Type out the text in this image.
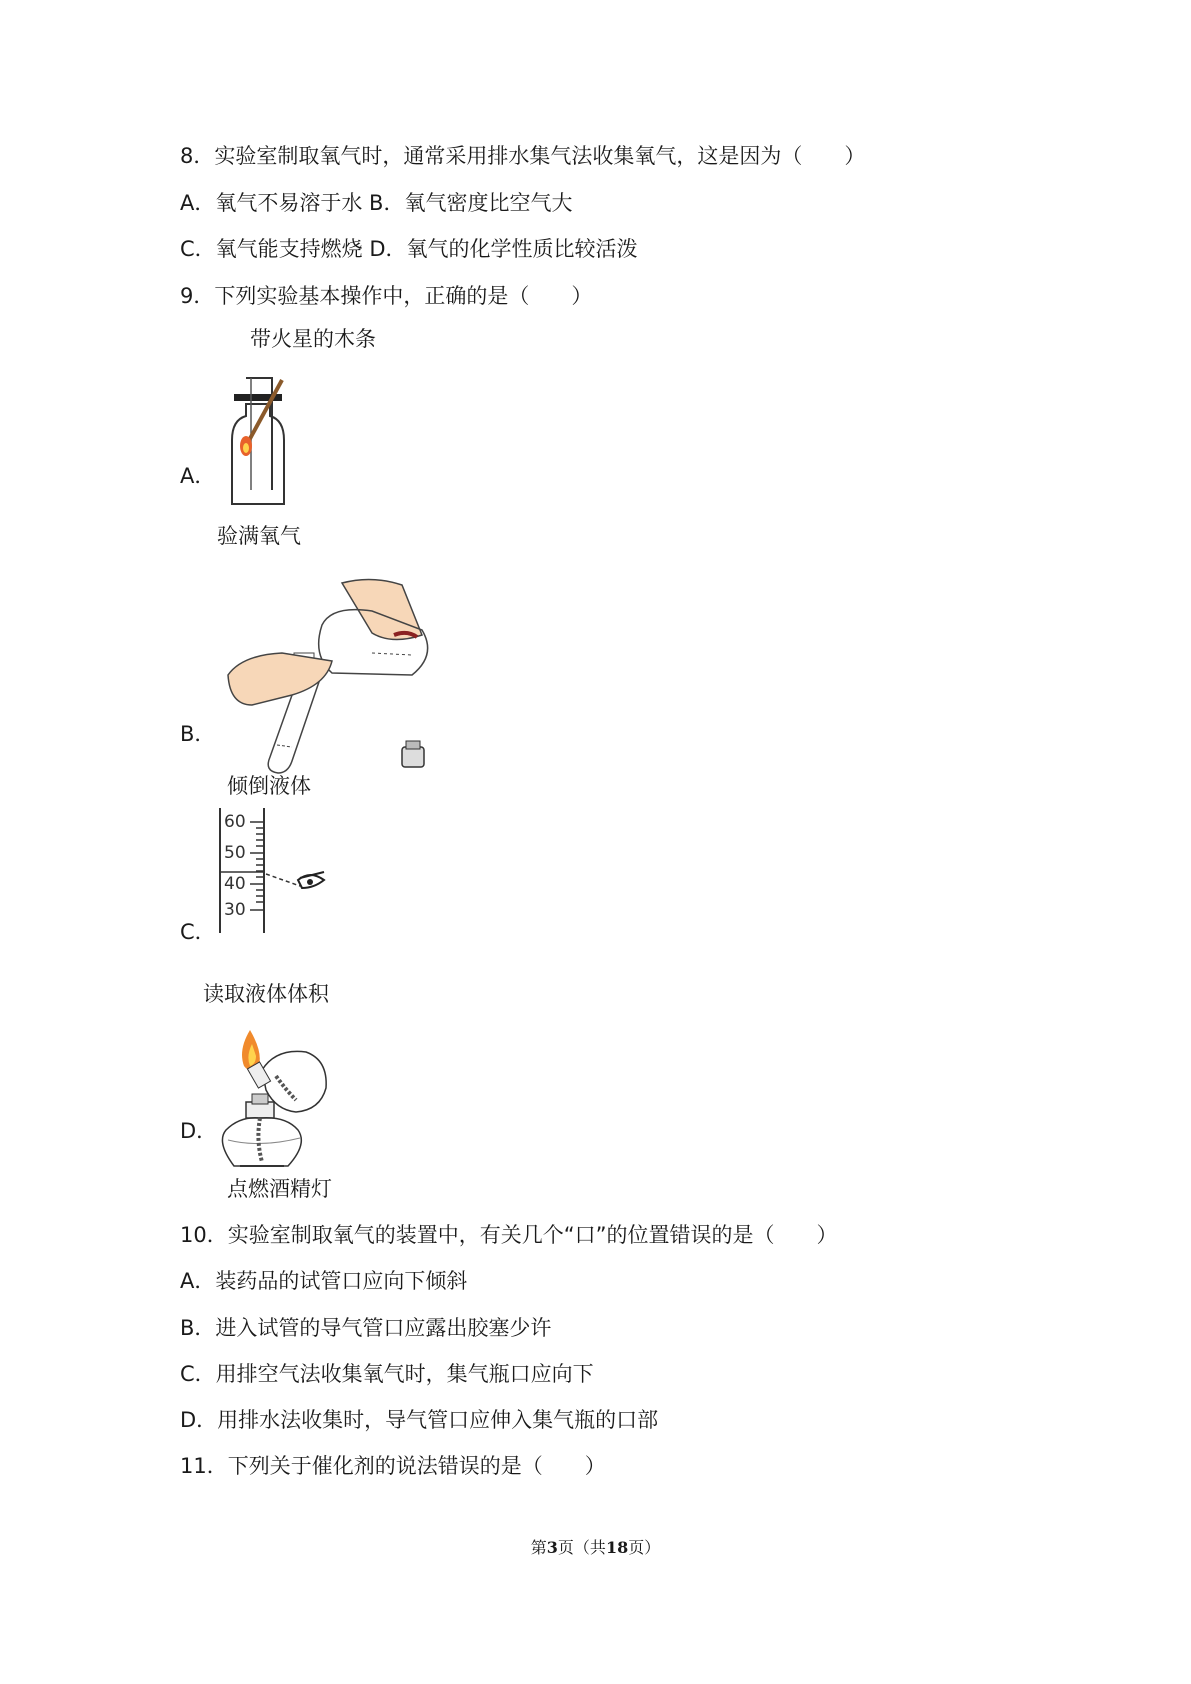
8．实验室制取氧气时，通常采用排水集气法收集氧气，这是因为（　　）
A．氧气不易溶于水 B．氧气密度比空气大
C．氧气能支持燃烧 D．氧气的化学性质比较活泼
9．下列实验基本操作中，正确的是（　　）
带火星的木条
A．
验满氧气
B．
倾倒液体
60
50
40
30
C．
读取液体体积
D．
点燃酒精灯
10．实验室制取氧气的装置中，有关几个“口”的位置错误的是（　　）
A．装药品的试管口应向下倾斜
B．进入试管的导气管口应露出胶塞少许
C．用排空气法收集氧气时，集气瓶口应向下
D．用排水法收集时，导气管口应伸入集气瓶的口部
11．下列关于催化剂的说法错误的是（　　）
第3页（共18页）
